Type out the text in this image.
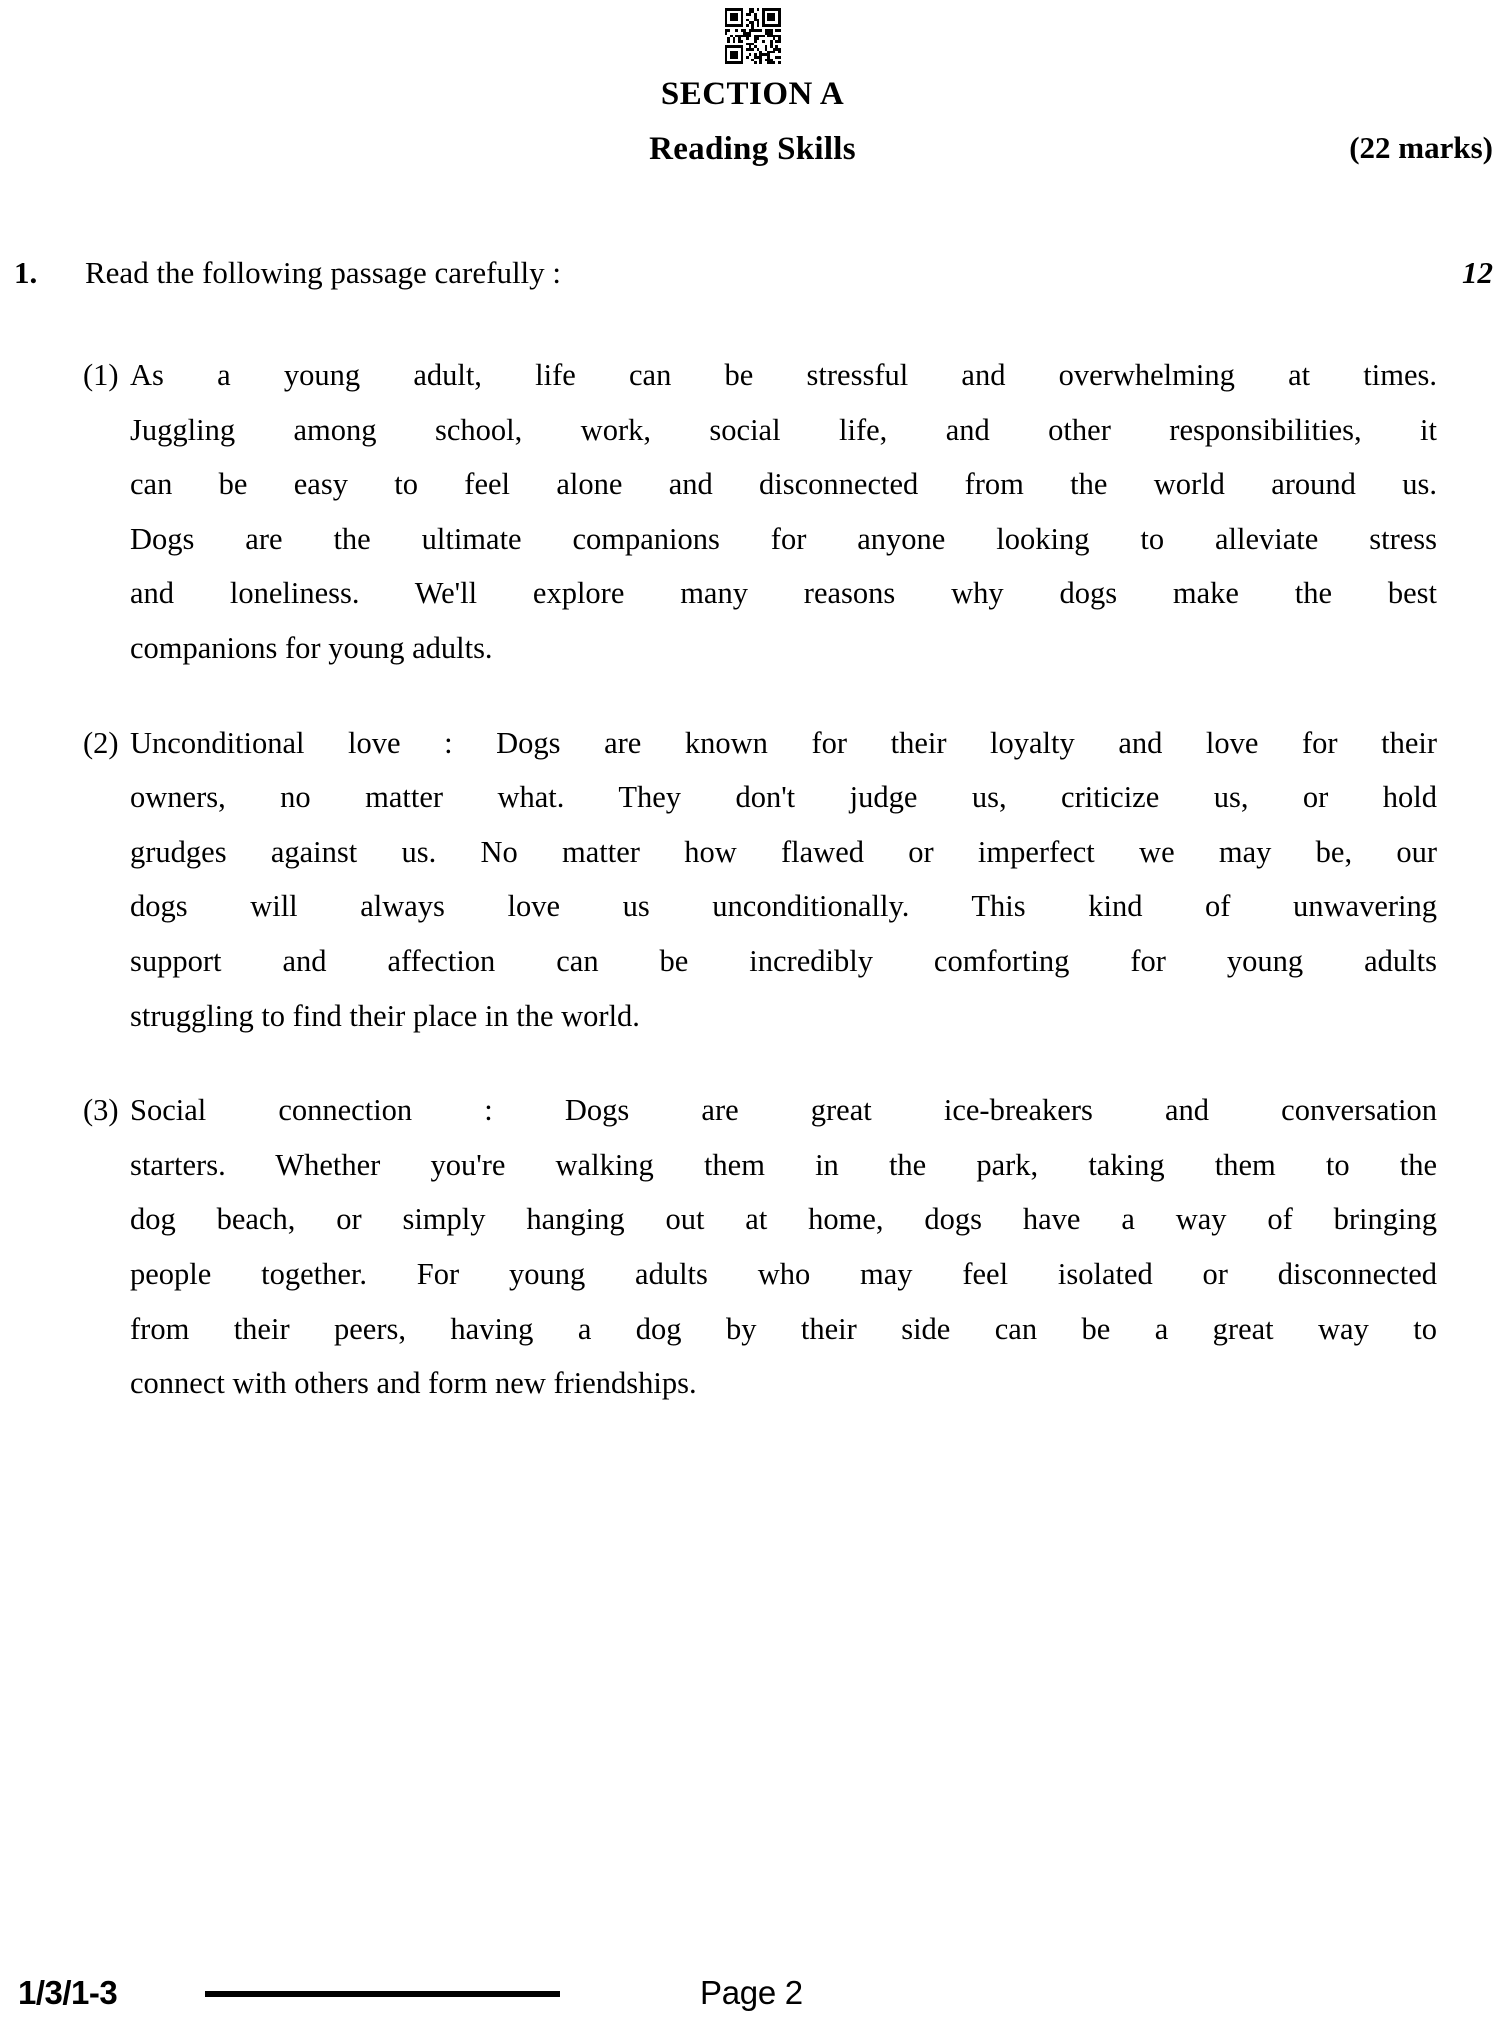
SECTION A
Reading Skills	(22 marks)
1. Read the following passage carefully :	12
(1) As a young adult, life can be stressful and overwhelming at times.
Juggling among school, work, social life, and other responsibilities, it
can be easy to feel alone and disconnected from the world around us.
Dogs are the ultimate companions for anyone looking to alleviate stress
and loneliness. We'll explore many reasons why dogs make the best
companions for young adults.
(2) Unconditional love : Dogs are known for their loyalty and love for their
owners, no matter what. They don't judge us, criticize us, or hold
grudges against us. No matter how flawed or imperfect we may be, our
dogs will always love us unconditionally. This kind of unwavering
support and affection can be incredibly comforting for young adults
struggling to find their place in the world.
(3) Social connection : Dogs are great ice-breakers and conversation
starters. Whether you're walking them in the park, taking them to the
dog beach, or simply hanging out at home, dogs have a way of bringing
people together. For young adults who may feel isolated or disconnected
from their peers, having a dog by their side can be a great way to
connect with others and form new friendships.
1/3/1-3	Page 2
